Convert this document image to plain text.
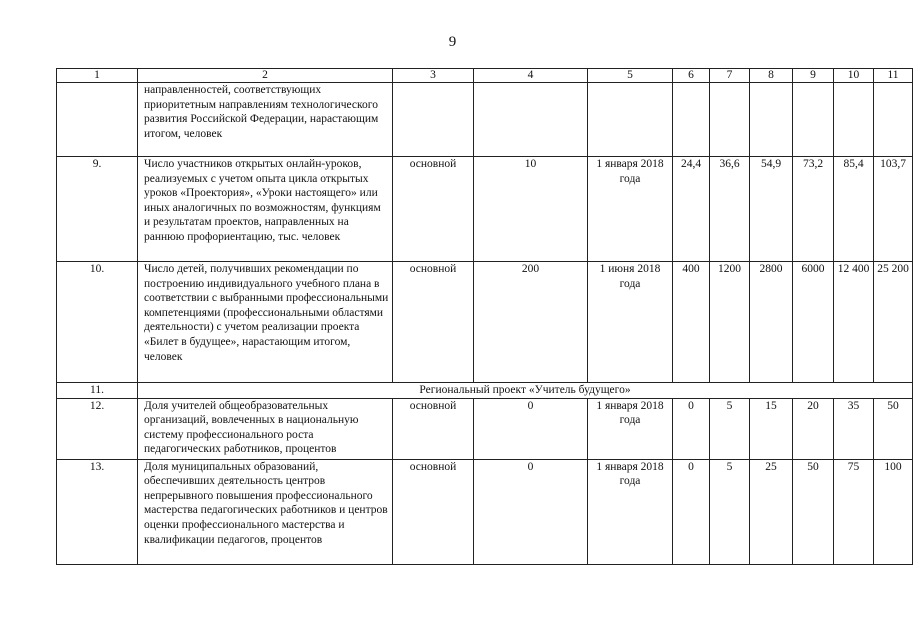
9
1	2	3	4	5	6	7	8	9	10	11
	направленностей, соответствующих приоритетным направлениям технологического развития Российской Федерации, нарастающим итогом, человек									
9.	Число участников открытых онлайн-уроков, реализуемых с учетом опыта цикла открытых уроков «Проектория», «Уроки настоящего» или иных аналогичных по возможностям, функциям и результатам проектов, направленных на раннюю профориентацию, тыс. человек	основной	10	1 января 2018 года	24,4	36,6	54,9	73,2	85,4	103,7
10.	Число детей, получивших рекомендации по построению индивидуального учебного плана в соответствии с выбранными профессиональными компетенциями (профессиональными областями деятельности) с учетом реализации проекта «Билет в будущее», нарастающим итогом, человек	основной	200	1 июня 2018 года	400	1200	2800	6000	12 400	25 200
11.	Региональный проект «Учитель будущего»									
12.	Доля учителей общеобразовательных организаций, вовлеченных в национальную систему профессионального роста педагогических работников, процентов	основной	0	1 января 2018 года	0	5	15	20	35	50
13.	Доля муниципальных образований, обеспечивших деятельность центров непрерывного повышения профессионального мастерства педагогических работников и центров оценки профессионального мастерства и квалификации педагогов, процентов	основной	0	1 января 2018 года	0	5	25	50	75	100
